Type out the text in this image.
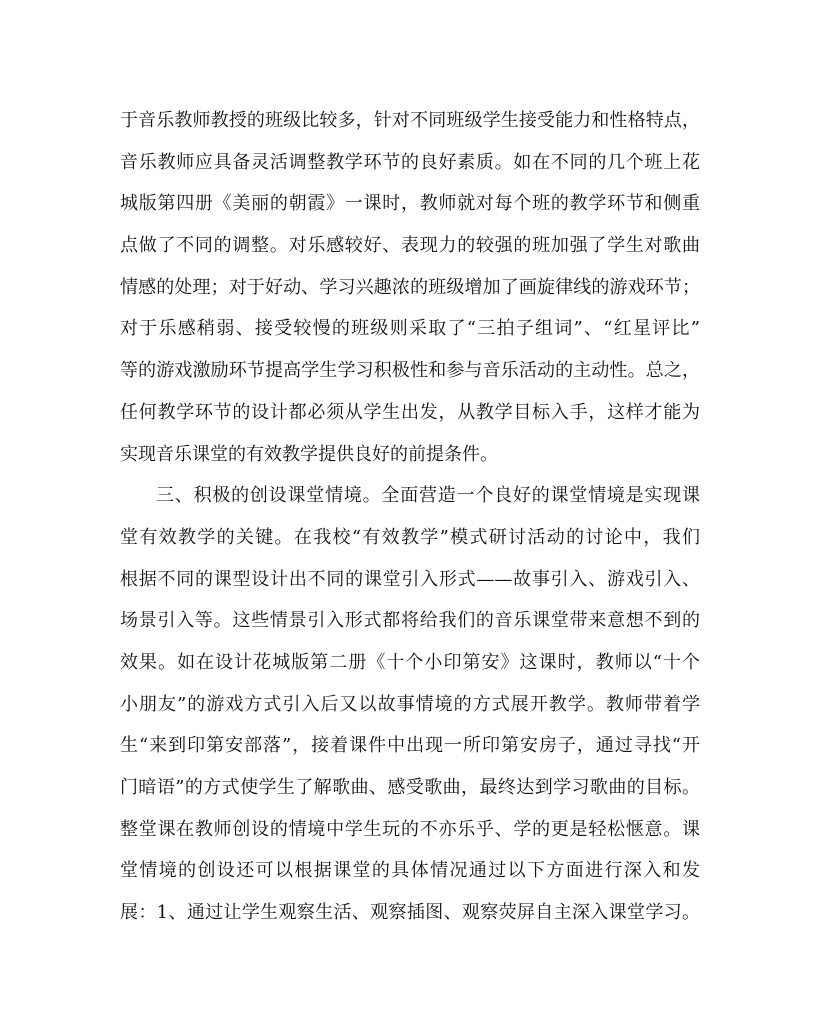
于音乐教师教授的班级比较多，针对不同班级学生接受能力和性格特点，
音乐教师应具备灵活调整教学环节的良好素质。如在不同的几个班上花
城版第四册《美丽的朝霞》一课时，教师就对每个班的教学环节和侧重
点做了不同的调整。对乐感较好、表现力的较强的班加强了学生对歌曲
情感的处理；对于好动、学习兴趣浓的班级增加了画旋律线的游戏环节；
对于乐感稍弱、接受较慢的班级则采取了“三拍子组词”、“红星评比”
等的游戏激励环节提高学生学习积极性和参与音乐活动的主动性。总之，
任何教学环节的设计都必须从学生出发，从教学目标入手，这样才能为
实现音乐课堂的有效教学提供良好的前提条件。
三、积极的创设课堂情境。全面营造一个良好的课堂情境是实现课
堂有效教学的关键。在我校“有效教学”模式研讨活动的讨论中，我们
根据不同的课型设计出不同的课堂引入形式——故事引入、游戏引入、
场景引入等。这些情景引入形式都将给我们的音乐课堂带来意想不到的
效果。如在设计花城版第二册《十个小印第安》这课时，教师以“十个
小朋友”的游戏方式引入后又以故事情境的方式展开教学。教师带着学
生“来到印第安部落”，接着课件中出现一所印第安房子，通过寻找“开
门暗语”的方式使学生了解歌曲、感受歌曲，最终达到学习歌曲的目标。
整堂课在教师创设的情境中学生玩的不亦乐乎、学的更是轻松惬意。课
堂情境的创设还可以根据课堂的具体情况通过以下方面进行深入和发
展：1、通过让学生观察生活、观察插图、观察荧屏自主深入课堂学习。
